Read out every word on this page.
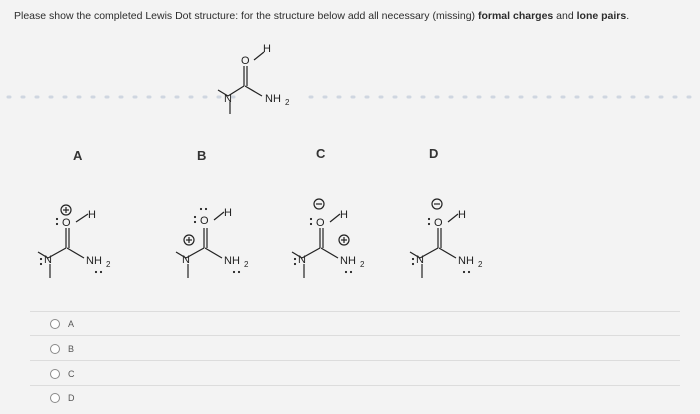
Please show the completed Lewis Dot structure: for the structure below add all necessary (missing) formal charges and lone pairs.
N
O
H
NH 2
A	B	C	D
O
H
N	NH 2
O
H
N	NH 2
O
H
N	NH 2
O
H
N	NH 2
A
B
C
D
